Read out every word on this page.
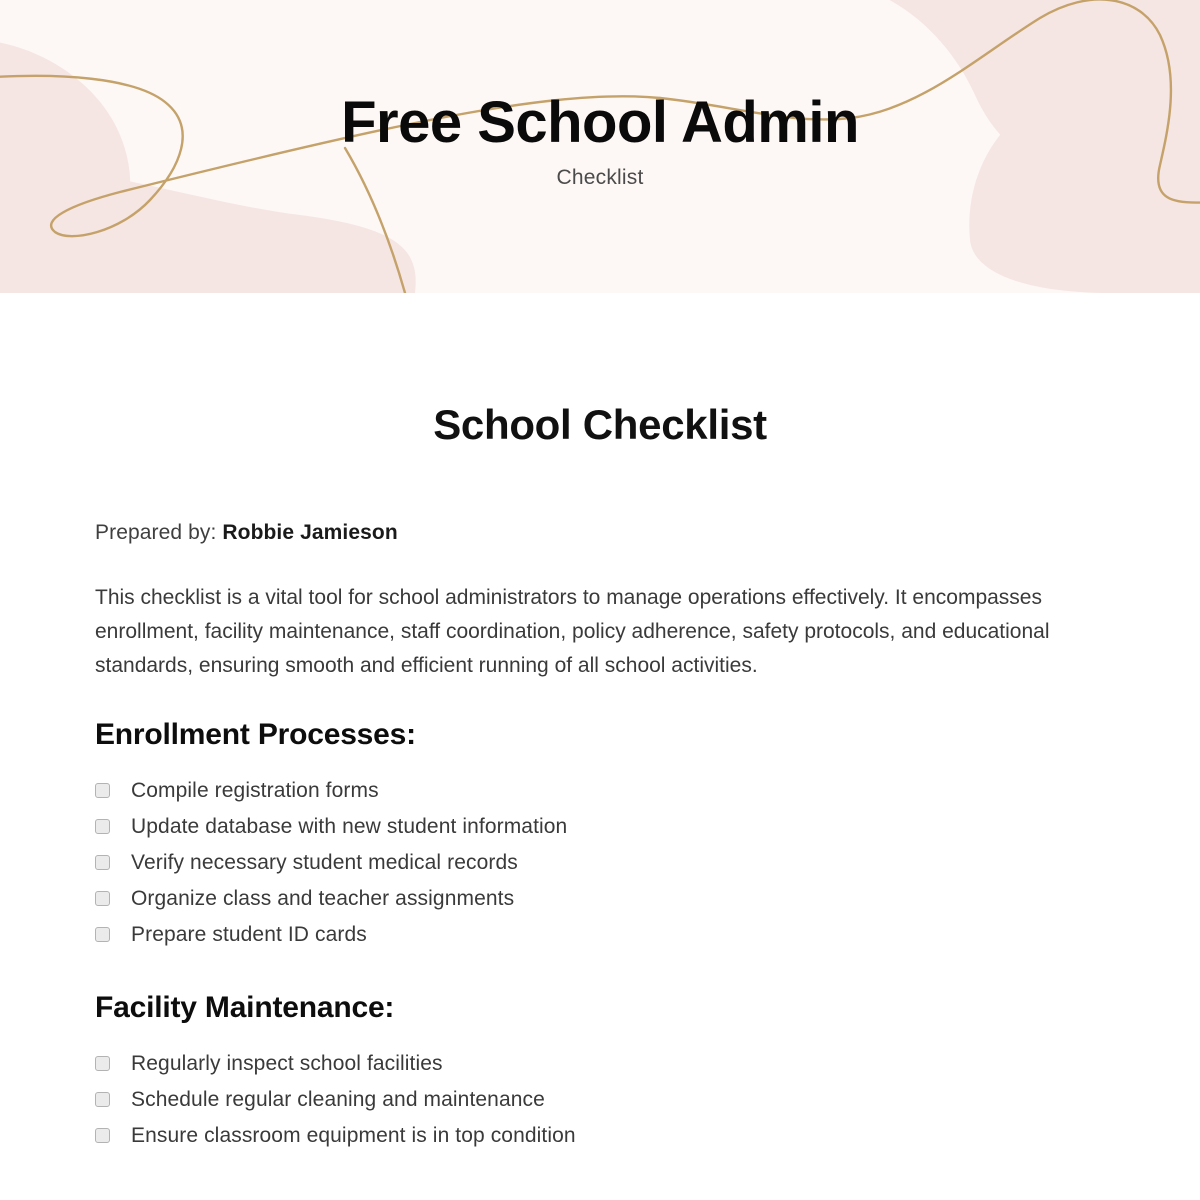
Free School Admin

Checklist

School Checklist

Prepared by: Robbie Jamieson

This checklist is a vital tool for school administrators to manage operations effectively. It encompasses enrollment, facility maintenance, staff coordination, policy adherence, safety protocols, and educational standards, ensuring smooth and efficient running of all school activities.

Enrollment Processes:
Compile registration forms
Update database with new student information
Verify necessary student medical records
Organize class and teacher assignments
Prepare student ID cards
Facility Maintenance:
Regularly inspect school facilities
Schedule regular cleaning and maintenance
Ensure classroom equipment is in top condition
